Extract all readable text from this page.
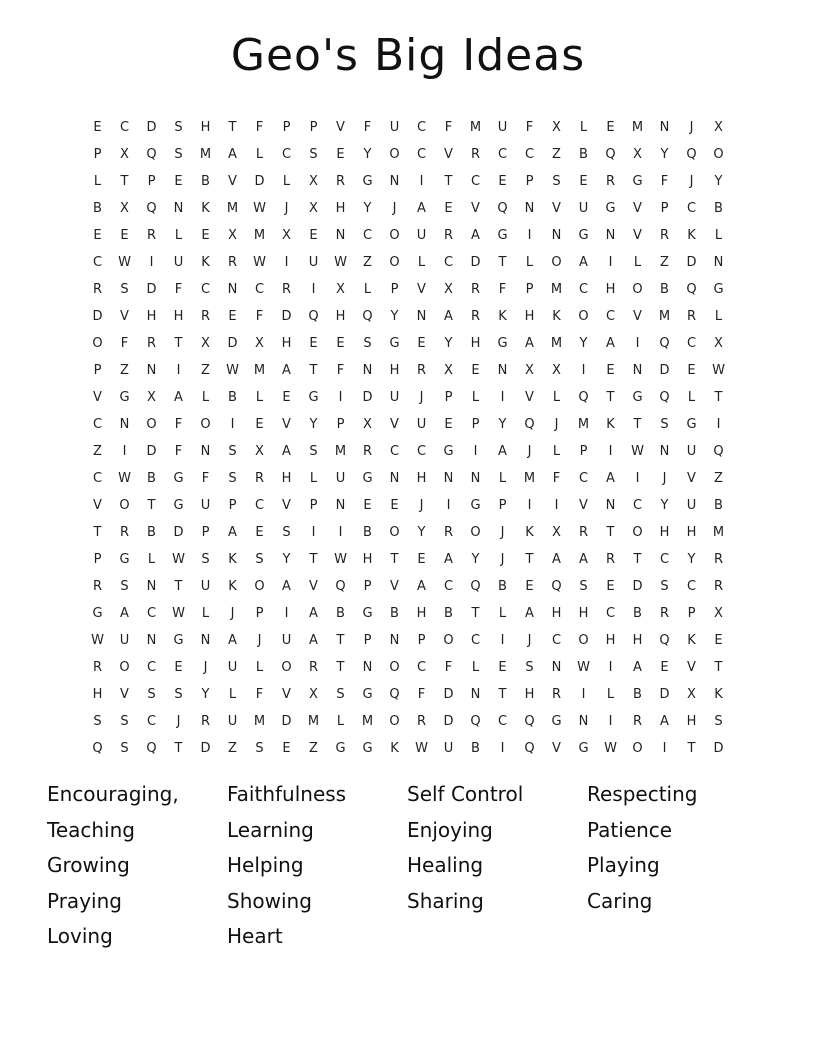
Geo's Big Ideas
E	C	D	S	H	T	F	P	P	V	F	U	C	F	M	U	F	X	L	E	M	N	J	X
P	X	Q	S	M	A	L	C	S	E	Y	O	C	V	R	C	C	Z	B	Q	X	Y	Q	O
L	T	P	E	B	V	D	L	X	R	G	N	I	T	C	E	P	S	E	R	G	F	J	Y
B	X	Q	N	K	M	W	J	X	H	Y	J	A	E	V	Q	N	V	U	G	V	P	C	B
E	E	R	L	E	X	M	X	E	N	C	O	U	R	A	G	I	N	G	N	V	R	K	L
C	W	I	U	K	R	W	I	U	W	Z	O	L	C	D	T	L	O	A	I	L	Z	D	N
R	S	D	F	C	N	C	R	I	X	L	P	V	X	R	F	P	M	C	H	O	B	Q	G
D	V	H	H	R	E	F	D	Q	H	Q	Y	N	A	R	K	H	K	O	C	V	M	R	L
O	F	R	T	X	D	X	H	E	E	S	G	E	Y	H	G	A	M	Y	A	I	Q	C	X
P	Z	N	I	Z	W	M	A	T	F	N	H	R	X	E	N	X	X	I	E	N	D	E	W
V	G	X	A	L	B	L	E	G	I	D	U	J	P	L	I	V	L	Q	T	G	Q	L	T
C	N	O	F	O	I	E	V	Y	P	X	V	U	E	P	Y	Q	J	M	K	T	S	G	I
Z	I	D	F	N	S	X	A	S	M	R	C	C	G	I	A	J	L	P	I	W	N	U	Q
C	W	B	G	F	S	R	H	L	U	G	N	H	N	N	L	M	F	C	A	I	J	V	Z
V	O	T	G	U	P	C	V	P	N	E	E	J	I	G	P	I	I	V	N	C	Y	U	B
T	R	B	D	P	A	E	S	I	I	B	O	Y	R	O	J	K	X	R	T	O	H	H	M
P	G	L	W	S	K	S	Y	T	W	H	T	E	A	Y	J	T	A	A	R	T	C	Y	R
R	S	N	T	U	K	O	A	V	Q	P	V	A	C	Q	B	E	Q	S	E	D	S	C	R
G	A	C	W	L	J	P	I	A	B	G	B	H	B	T	L	A	H	H	C	B	R	P	X
W	U	N	G	N	A	J	U	A	T	P	N	P	O	C	I	J	C	O	H	H	Q	K	E
R	O	C	E	J	U	L	O	R	T	N	O	C	F	L	E	S	N	W	I	A	E	V	T
H	V	S	S	Y	L	F	V	X	S	G	Q	F	D	N	T	H	R	I	L	B	D	X	K
S	S	C	J	R	U	M	D	M	L	M	O	R	D	Q	C	Q	G	N	I	R	A	H	S
Q	S	Q	T	D	Z	S	E	Z	G	G	K	W	U	B	I	Q	V	G	W	O	I	T	D
Encouraging,	Faithfulness	Self Control	Respecting
Teaching	Learning	Enjoying	Patience
Growing	Helping	Healing	Playing
Praying	Showing	Sharing	Caring
Loving	Heart
